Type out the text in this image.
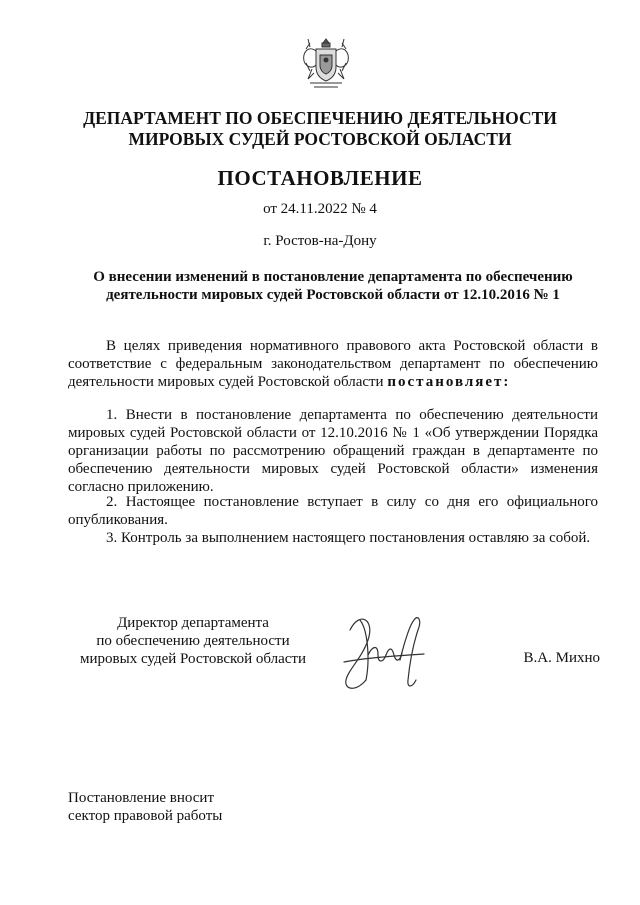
ДЕПАРТАМЕНТ ПО ОБЕСПЕЧЕНИЮ ДЕЯТЕЛЬНОСТИ
МИРОВЫХ СУДЕЙ РОСТОВСКОЙ ОБЛАСТИ
ПОСТАНОВЛЕНИЕ
от 24.11.2022 № 4
г. Ростов-на-Дону
О внесении изменений в постановление департамента по обеспечению
деятельности мировых судей Ростовской области от 12.10.2016 № 1
В целях приведения нормативного правового акта Ростовской области в соответствие с федеральным законодательством департамент по обеспечению деятельности мировых судей Ростовской области постановляет:
1. Внести в постановление департамента по обеспечению деятельности мировых судей Ростовской области от 12.10.2016 № 1 «Об утверждении Порядка организации работы по рассмотрению обращений граждан в департаменте по обеспечению деятельности мировых судей Ростовской области» изменения согласно приложению.
2. Настоящее постановление вступает в силу со дня его официального опубликования.
3. Контроль за выполнением настоящего постановления оставляю за собой.
Директор департамента
по обеспечению деятельности
мировых судей Ростовской области	В.А. Михно
Постановление вносит
сектор правовой работы
